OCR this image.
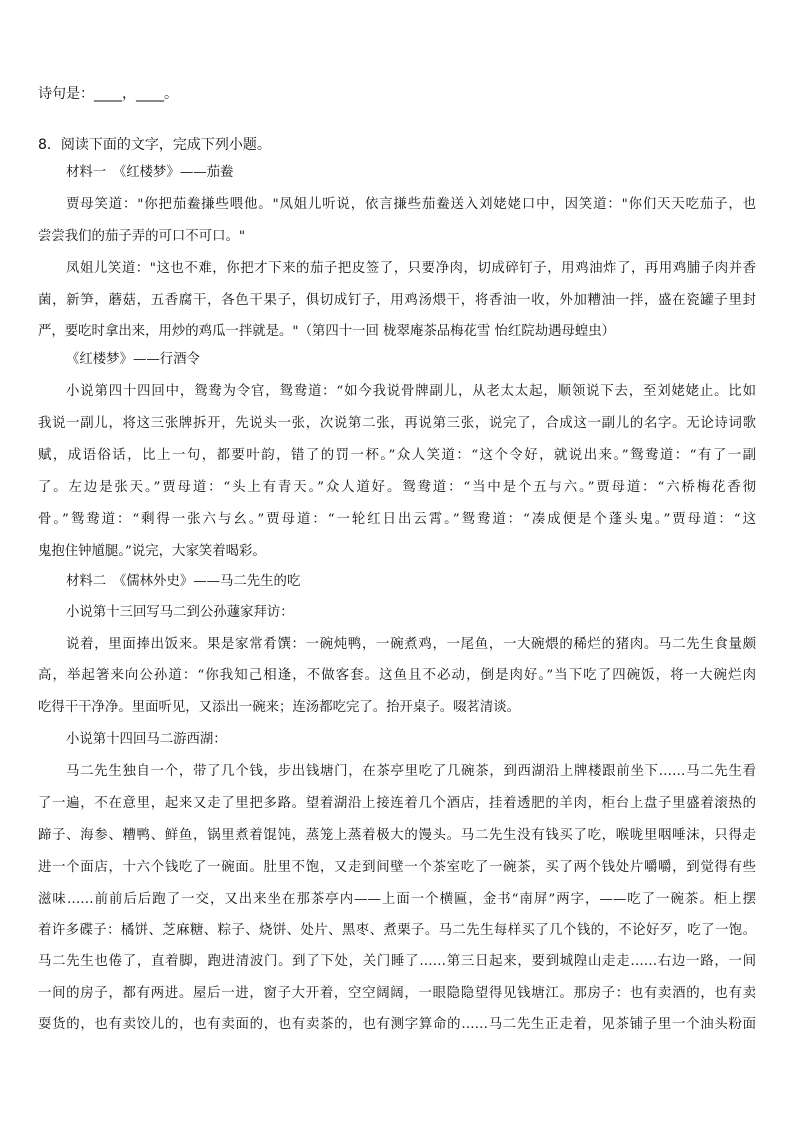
诗句是：____，____。
8．阅读下面的文字，完成下列小题。
材料一　《红楼梦》——茄鲞
贾母笑道："你把茄鲞搛些喂他。"凤姐儿听说，依言搛些茄鲞送入刘姥姥口中，因笑道："你们天天吃茄子，也
尝尝我们的茄子弄的可口不可口。"
凤姐儿笑道："这也不难，你把才下来的茄子把皮签了，只要净肉，切成碎钉子，用鸡油炸了，再用鸡脯子肉并香
菌，新笋，蘑菇，五香腐干，各色干果子，俱切成钉子，用鸡汤煨干，将香油一收，外加糟油一拌，盛在瓷罐子里封
严，要吃时拿出来，用炒的鸡瓜一拌就是。"（第四十一回 栊翠庵茶品梅花雪 怡红院劫遇母蝗虫）
《红楼梦》——行酒令
小说第四十四回中，鸳鸯为令官，鸳鸯道：“如今我说骨牌副儿，从老太太起，顺领说下去，至刘姥姥止。比如
我说一副儿，将这三张牌拆开，先说头一张，次说第二张，再说第三张，说完了，合成这一副儿的名字。无论诗词歌
赋，成语俗话，比上一句，都要叶韵，错了的罚一杯。”众人笑道：“这个令好，就说出来。”鸳鸯道：“有了一副
了。左边是张天。”贾母道：“头上有青天。”众人道好。鸳鸯道：“当中是个五与六。”贾母道：“六桥梅花香彻
骨。”鸳鸯道：“剩得一张六与幺。”贾母道：“一轮红日出云霄。”鸳鸯道：“凑成便是个蓬头鬼。”贾母道：“这
鬼抱住钟馗腿。”说完，大家笑着喝彩。
材料二　《儒林外史》——马二先生的吃
小说第十三回写马二到公孙蘧家拜访：
说着，里面捧出饭来。果是家常肴馔：一碗炖鸭，一碗煮鸡，一尾鱼，一大碗煨的稀烂的猪肉。马二先生食量颇
高，举起箸来向公孙道：“你我知己相逢，不做客套。这鱼且不必动，倒是肉好。”当下吃了四碗饭，将一大碗烂肉
吃得干干净净。里面听见，又添出一碗来；连汤都吃完了。抬开桌子。啜茗清谈。
小说第十四回马二游西湖：
马二先生独自一个，带了几个钱，步出钱塘门，在茶亭里吃了几碗茶，到西湖沿上牌楼跟前坐下……马二先生看
了一遍，不在意里，起来又走了里把多路。望着湖沿上接连着几个酒店，挂着透肥的羊肉，柜台上盘子里盛着滚热的
蹄子、海参、糟鸭、鲜鱼，锅里煮着馄饨，蒸笼上蒸着极大的馒头。马二先生没有钱买了吃，喉咙里咽唾沫，只得走
进一个面店，十六个钱吃了一碗面。肚里不饱，又走到间壁一个茶室吃了一碗茶，买了两个钱处片嚼嚼，到觉得有些
滋味……前前后后跑了一交，又出来坐在那茶亭内——上面一个横匾，金书“南屏”两字，——吃了一碗茶。柜上摆
着许多碟子：橘饼、芝麻糖、粽子、烧饼、处片、黑枣、煮栗子。马二先生每样买了几个钱的，不论好歹，吃了一饱。
马二先生也倦了，直着脚，跑进清波门。到了下处，关门睡了……第三日起来，要到城隍山走走……右边一路，一间
一间的房子，都有两进。屋后一进，窗子大开着，空空阔阔，一眼隐隐望得见钱塘江。那房子：也有卖酒的，也有卖
耍货的，也有卖饺儿的，也有卖面的，也有卖茶的，也有测字算命的……马二先生正走着，见茶铺子里一个油头粉面
